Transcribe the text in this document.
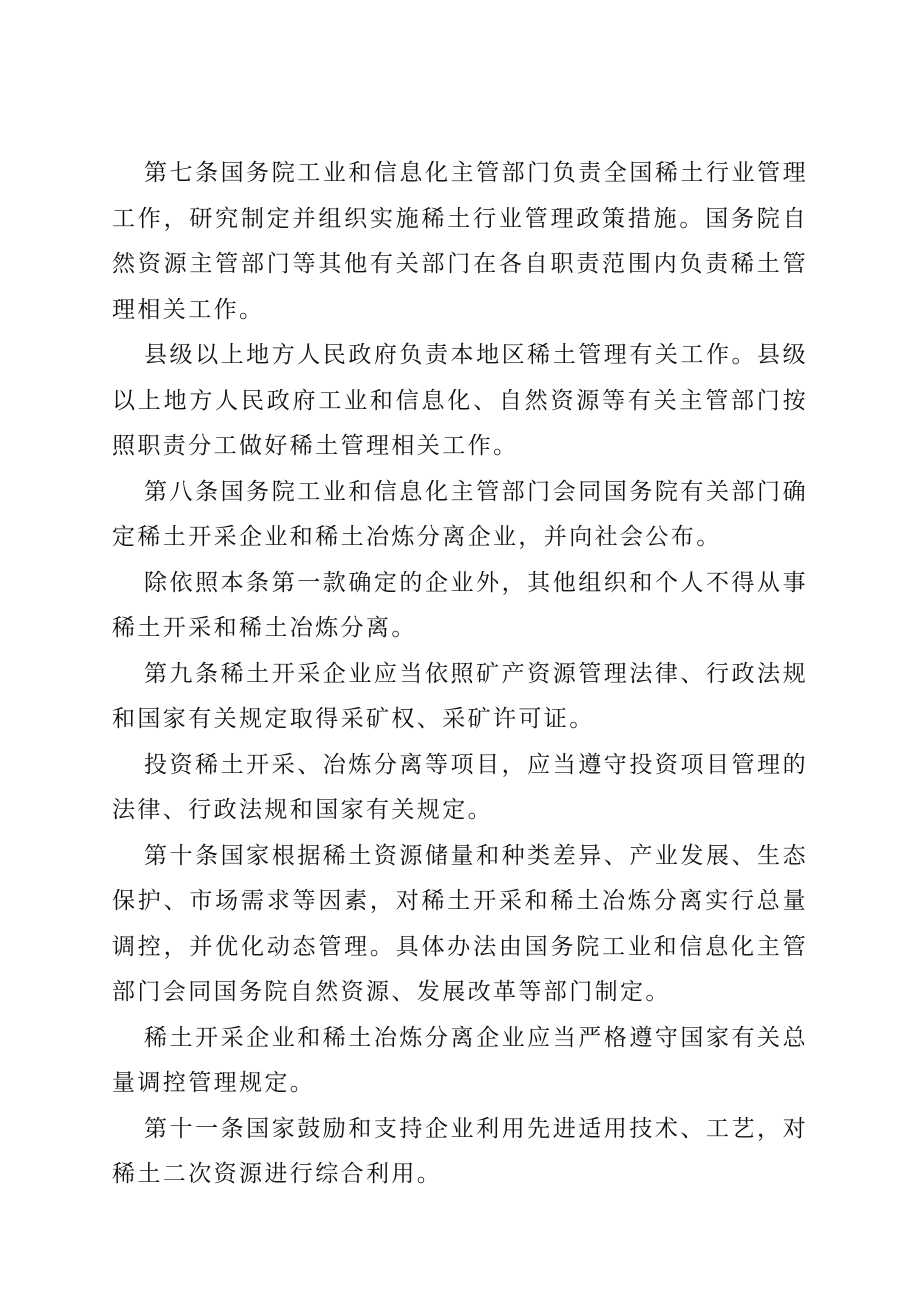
第七条国务院工业和信息化主管部门负责全国稀土行业管理工作，研究制定并组织实施稀土行业管理政策措施。国务院自然资源主管部门等其他有关部门在各自职责范围内负责稀土管理相关工作。

县级以上地方人民政府负责本地区稀土管理有关工作。县级以上地方人民政府工业和信息化、自然资源等有关主管部门按照职责分工做好稀土管理相关工作。

第八条国务院工业和信息化主管部门会同国务院有关部门确定稀土开采企业和稀土冶炼分离企业，并向社会公布。

除依照本条第一款确定的企业外，其他组织和个人不得从事稀土开采和稀土冶炼分离。

第九条稀土开采企业应当依照矿产资源管理法律、行政法规和国家有关规定取得采矿权、采矿许可证。

投资稀土开采、冶炼分离等项目，应当遵守投资项目管理的法律、行政法规和国家有关规定。

第十条国家根据稀土资源储量和种类差异、产业发展、生态保护、市场需求等因素，对稀土开采和稀土冶炼分离实行总量调控，并优化动态管理。具体办法由国务院工业和信息化主管部门会同国务院自然资源、发展改革等部门制定。

稀土开采企业和稀土冶炼分离企业应当严格遵守国家有关总量调控管理规定。

第十一条国家鼓励和支持企业利用先进适用技术、工艺，对稀土二次资源进行综合利用。
